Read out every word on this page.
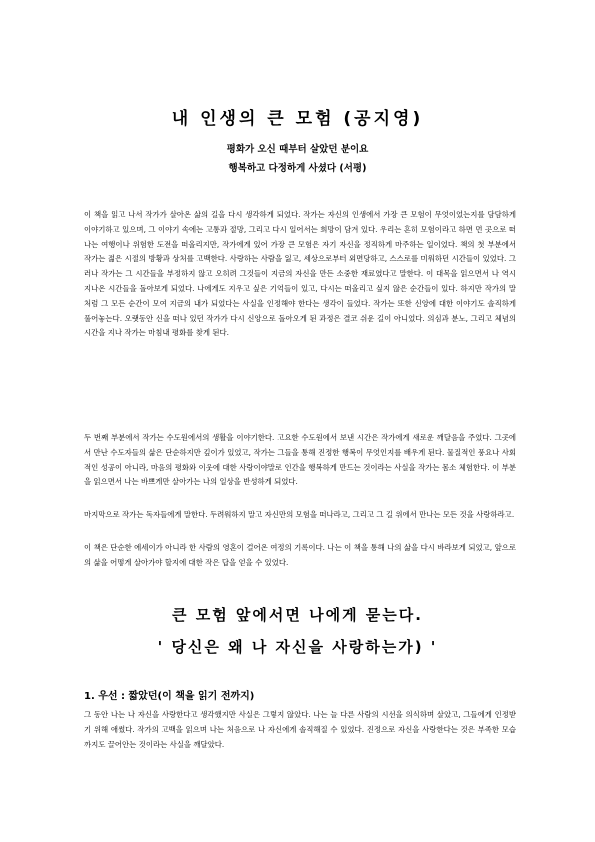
내 인생의 큰 모험 (공지영)

평화가 오신 때부터 살았던 분이요

행복하고 다정하게 사셨다 (서평)

이 책을 읽고 나서 작가가 살아온 삶의 길을 다시 생각하게 되었다. 작가는 자신의 인생에서 가장 큰 모험이 무엇이었는지를 담담하게 이야기하고 있으며, 그 이야기 속에는 고통과 절망, 그리고 다시 일어서는 희망이 담겨 있다. 우리는 흔히 모험이라고 하면 먼 곳으로 떠나는 여행이나 위험한 도전을 떠올리지만, 작가에게 있어 가장 큰 모험은 자기 자신을 정직하게 마주하는 일이었다. 책의 첫 부분에서 작가는 젊은 시절의 방황과 상처를 고백한다. 사랑하는 사람을 잃고, 세상으로부터 외면당하고, 스스로를 미워하던 시간들이 있었다. 그러나 작가는 그 시간들을 부정하지 않고 오히려 그것들이 지금의 자신을 만든 소중한 재료였다고 말한다. 이 대목을 읽으면서 나 역시 지나온 시간들을 돌아보게 되었다. 나에게도 지우고 싶은 기억들이 있고, 다시는 떠올리고 싶지 않은 순간들이 있다. 하지만 작가의 말처럼 그 모든 순간이 모여 지금의 내가 되었다는 사실을 인정해야 한다는 생각이 들었다. 작가는 또한 신앙에 대한 이야기도 솔직하게 풀어놓는다. 오랫동안 신을 떠나 있던 작가가 다시 신앙으로 돌아오게 된 과정은 결코 쉬운 길이 아니었다. 의심과 분노, 그리고 체념의 시간을 지나 작가는 마침내 평화를 찾게 된다.

두 번째 부분에서 작가는 수도원에서의 생활을 이야기한다. 고요한 수도원에서 보낸 시간은 작가에게 새로운 깨달음을 주었다. 그곳에서 만난 수도자들의 삶은 단순하지만 깊이가 있었고, 작가는 그들을 통해 진정한 행복이 무엇인지를 배우게 된다. 물질적인 풍요나 사회적인 성공이 아니라, 마음의 평화와 이웃에 대한 사랑이야말로 인간을 행복하게 만드는 것이라는 사실을 작가는 몸소 체험한다. 이 부분을 읽으면서 나는 바쁘게만 살아가는 나의 일상을 반성하게 되었다.

마지막으로 작가는 독자들에게 말한다. 두려워하지 말고 자신만의 모험을 떠나라고, 그리고 그 길 위에서 만나는 모든 것을 사랑하라고.

이 책은 단순한 에세이가 아니라 한 사람의 영혼이 걸어온 여정의 기록이다. 나는 이 책을 통해 나의 삶을 다시 바라보게 되었고, 앞으로의 삶을 어떻게 살아가야 할지에 대한 작은 답을 얻을 수 있었다.

큰 모험 앞에서면 나에게 묻는다.
' 당신은 왜 나 자신을 사랑하는가) '
1. 우선 : 짧았던(이 책을 읽기 전까지)

그 동안 나는 나 자신을 사랑한다고 생각했지만 사실은 그렇지 않았다. 나는 늘 다른 사람의 시선을 의식하며 살았고, 그들에게 인정받기 위해 애썼다. 작가의 고백을 읽으며 나는 처음으로 나 자신에게 솔직해질 수 있었다. 진정으로 자신을 사랑한다는 것은 부족한 모습까지도 끌어안는 것이라는 사실을 깨달았다.
